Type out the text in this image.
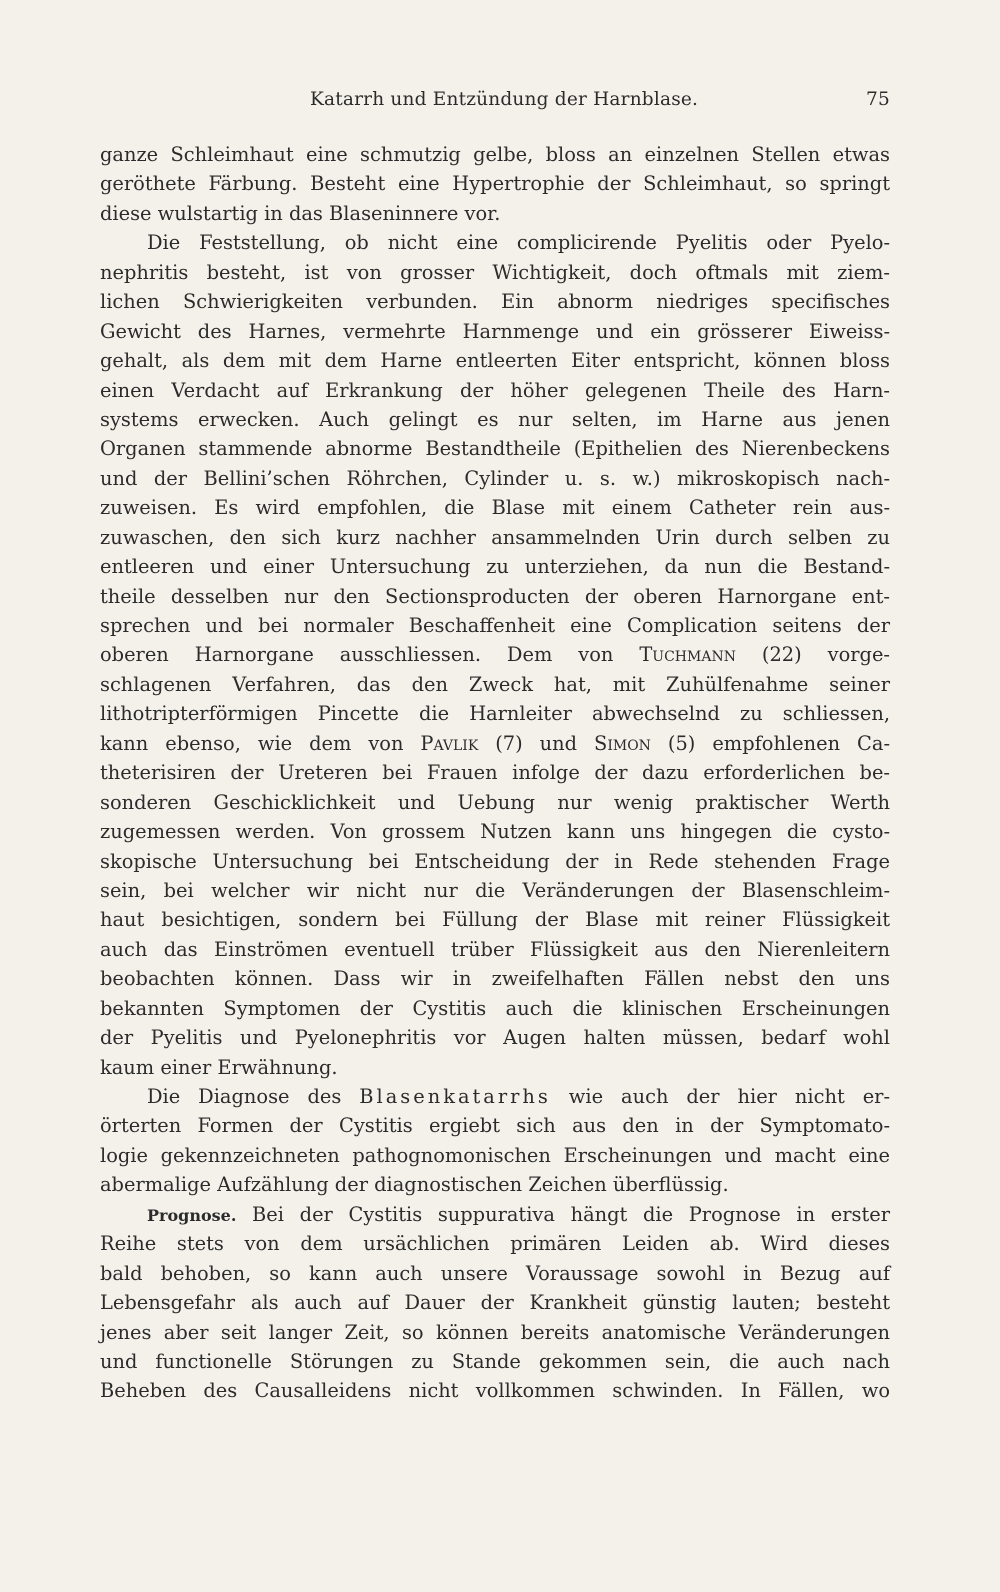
Katarrh und Entzündung der Harnblase.	75
ganze Schleimhaut eine schmutzig gelbe, bloss an einzelnen Stellen etwas
geröthete Färbung. Besteht eine Hypertrophie der Schleimhaut, so springt
diese wulstartig in das Blaseninnere vor.
Die Feststellung, ob nicht eine complicirende Pyelitis oder Pyelo-
nephritis besteht, ist von grosser Wichtigkeit, doch oftmals mit ziem-
lichen Schwierigkeiten verbunden. Ein abnorm niedriges specifisches
Gewicht des Harnes, vermehrte Harnmenge und ein grösserer Eiweiss-
gehalt, als dem mit dem Harne entleerten Eiter entspricht, können bloss
einen Verdacht auf Erkrankung der höher gelegenen Theile des Harn-
systems erwecken. Auch gelingt es nur selten, im Harne aus jenen
Organen stammende abnorme Bestandtheile (Epithelien des Nierenbeckens
und der Bellini’schen Röhrchen, Cylinder u. s. w.) mikroskopisch nach-
zuweisen. Es wird empfohlen, die Blase mit einem Catheter rein aus-
zuwaschen, den sich kurz nachher ansammelnden Urin durch selben zu
entleeren und einer Untersuchung zu unterziehen, da nun die Bestand-
theile desselben nur den Sectionsproducten der oberen Harnorgane ent-
sprechen und bei normaler Beschaffenheit eine Complication seitens der
oberen Harnorgane ausschliessen. Dem von Tuchmann (22) vorge-
schlagenen Verfahren, das den Zweck hat, mit Zuhülfenahme seiner
lithotripterförmigen Pincette die Harnleiter abwechselnd zu schliessen,
kann ebenso, wie dem von Pavlik (7) und Simon (5) empfohlenen Ca-
theterisiren der Ureteren bei Frauen infolge der dazu erforderlichen be-
sonderen Geschicklichkeit und Uebung nur wenig praktischer Werth
zugemessen werden. Von grossem Nutzen kann uns hingegen die cysto-
skopische Untersuchung bei Entscheidung der in Rede stehenden Frage
sein, bei welcher wir nicht nur die Veränderungen der Blasenschleim-
haut besichtigen, sondern bei Füllung der Blase mit reiner Flüssigkeit
auch das Einströmen eventuell trüber Flüssigkeit aus den Nierenleitern
beobachten können. Dass wir in zweifelhaften Fällen nebst den uns
bekannten Symptomen der Cystitis auch die klinischen Erscheinungen
der Pyelitis und Pyelonephritis vor Augen halten müssen, bedarf wohl
kaum einer Erwähnung.
Die Diagnose des Blasenkatarrhs wie auch der hier nicht er-
örterten Formen der Cystitis ergiebt sich aus den in der Symptomato-
logie gekennzeichneten pathognomonischen Erscheinungen und macht eine
abermalige Aufzählung der diagnostischen Zeichen überflüssig.
Prognose. Bei der Cystitis suppurativa hängt die Prognose in erster
Reihe stets von dem ursächlichen primären Leiden ab. Wird dieses
bald behoben, so kann auch unsere Voraussage sowohl in Bezug auf
Lebensgefahr als auch auf Dauer der Krankheit günstig lauten; besteht
jenes aber seit langer Zeit, so können bereits anatomische Veränderungen
und functionelle Störungen zu Stande gekommen sein, die auch nach
Beheben des Causalleidens nicht vollkommen schwinden. In Fällen, wo
